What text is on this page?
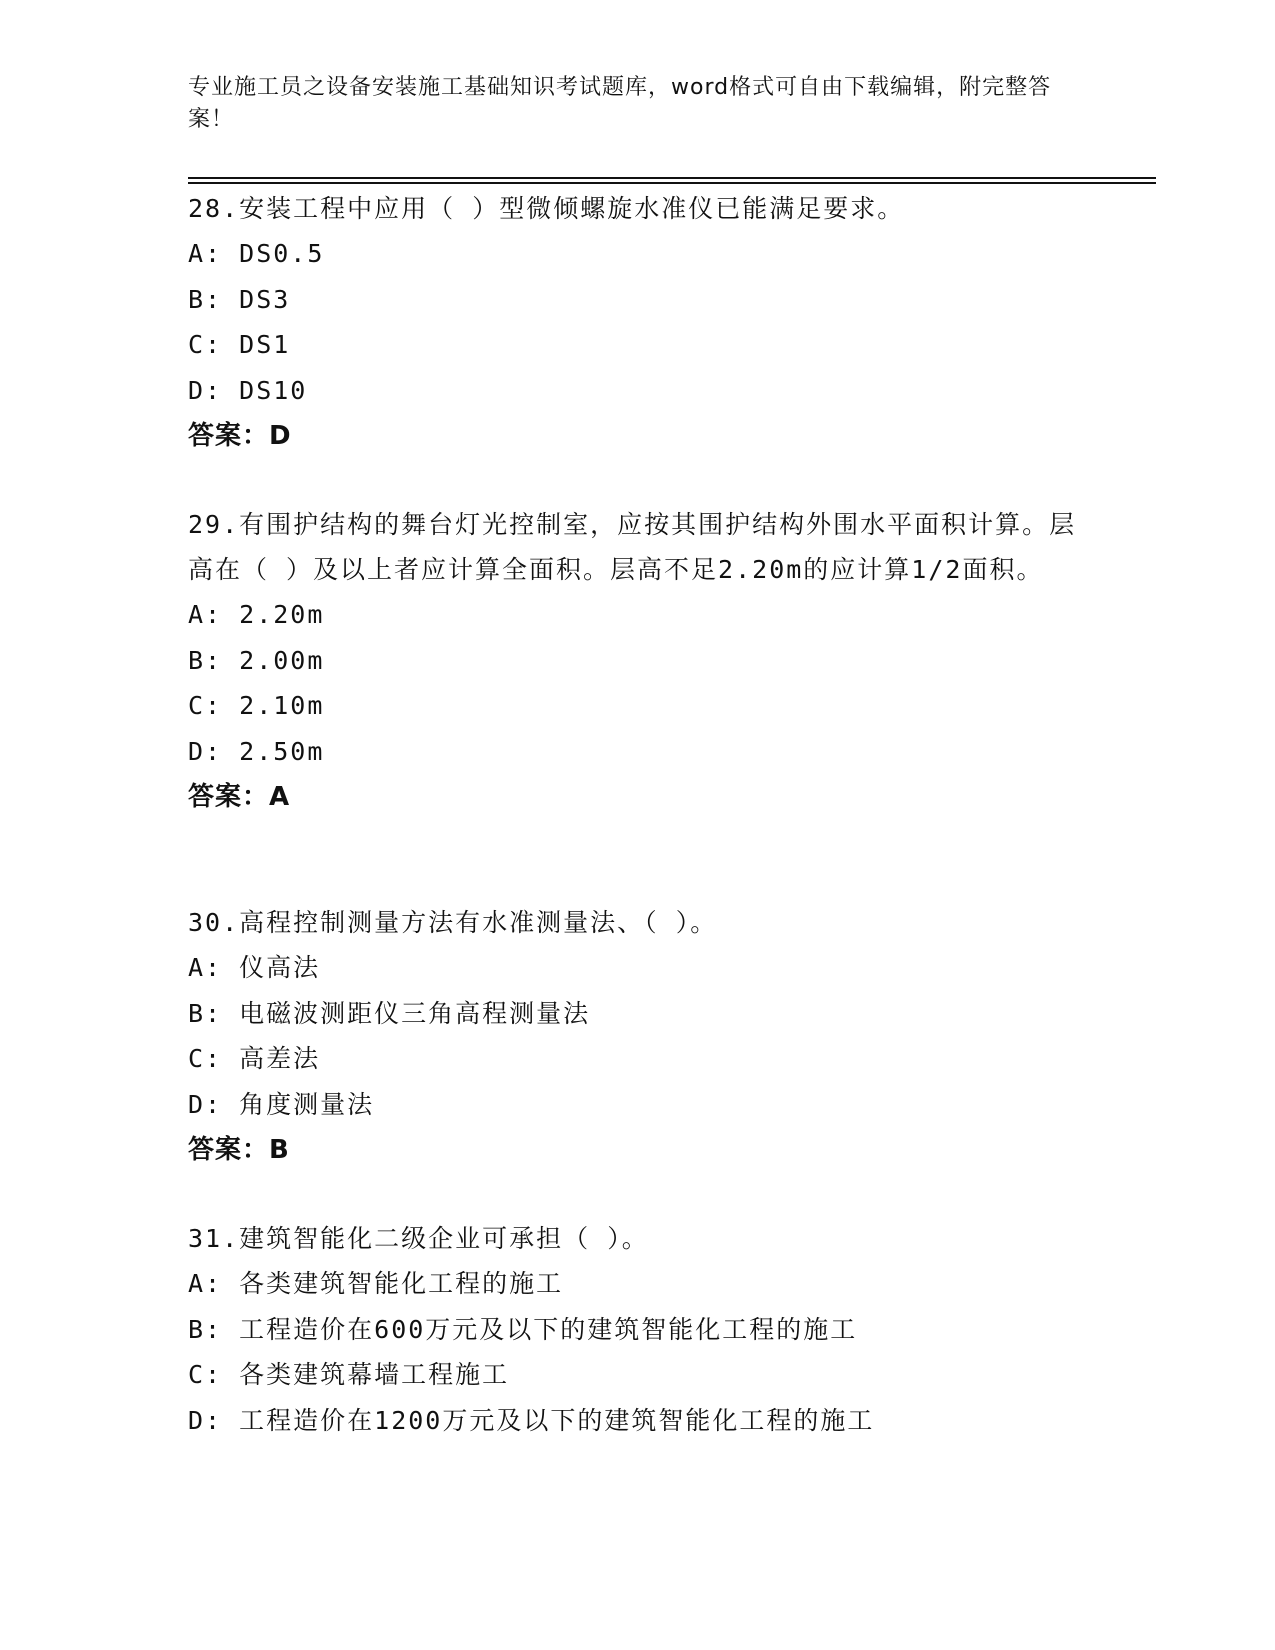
专业施工员之设备安装施工基础知识考试题库，word格式可自由下载编辑，附完整答案！
28.安装工程中应用（ ）型微倾螺旋水准仪已能满足要求。
A: DS0.5
B: DS3
C: DS1
D: DS10
答案：D
29.有围护结构的舞台灯光控制室，应按其围护结构外围水平面积计算。层高在（ ）及以上者应计算全面积。层高不足2.20m的应计算1/2面积。
A: 2.20m
B: 2.00m
C: 2.10m
D: 2.50m
答案：A
30.高程控制测量方法有水准测量法、（ ）。
A: 仪高法
B: 电磁波测距仪三角高程测量法
C: 高差法
D: 角度测量法
答案：B
31.建筑智能化二级企业可承担（ ）。
A: 各类建筑智能化工程的施工
B: 工程造价在600万元及以下的建筑智能化工程的施工
C: 各类建筑幕墙工程施工
D: 工程造价在1200万元及以下的建筑智能化工程的施工
